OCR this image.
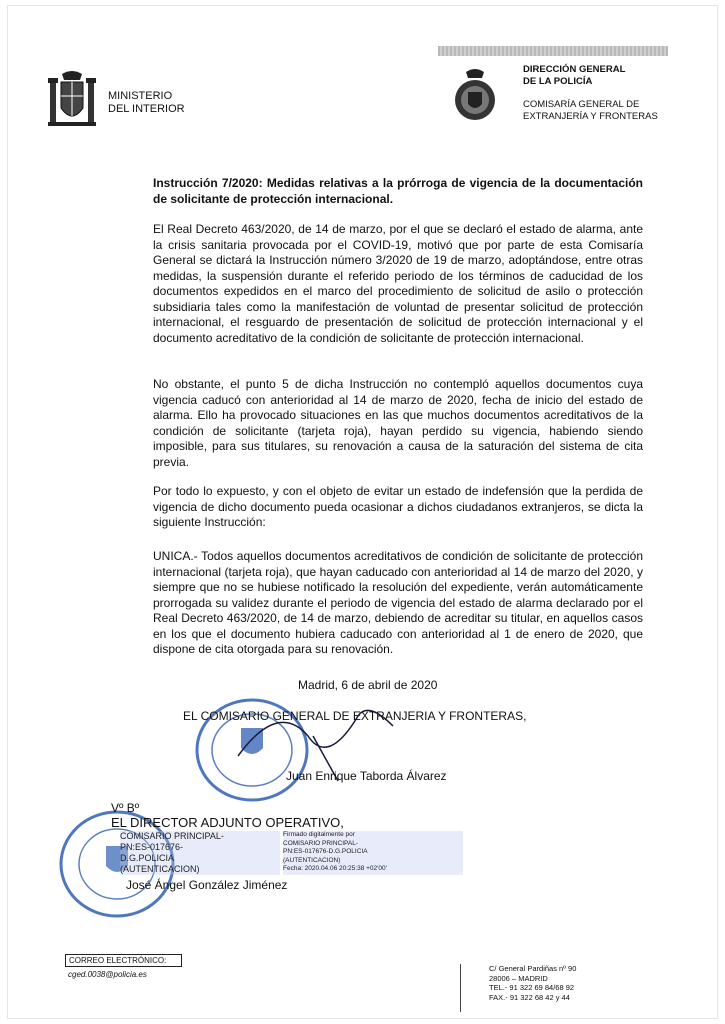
MINISTERIO
DEL INTERIOR
DIRECCIÓN GENERAL
DE LA POLICÍA
COMISARÍA GENERAL DE
EXTRANJERÍA Y FRONTERAS
Instrucción 7/2020: Medidas relativas a la prórroga de vigencia de la documentación de solicitante de protección internacional.
El Real Decreto 463/2020, de 14 de marzo, por el que se declaró el estado de alarma, ante la crisis sanitaria provocada por el COVID-19, motivó que por parte de esta Comisaría General se dictará la Instrucción número 3/2020 de 19 de marzo, adoptándose, entre otras medidas, la suspensión durante el referido periodo de los términos de caducidad de los documentos expedidos en el marco del procedimiento de solicitud de asilo o protección subsidiaria tales como la manifestación de voluntad de presentar solicitud de protección internacional, el resguardo de presentación de solicitud de protección internacional y el documento acreditativo de la condición de solicitante de protección internacional.
No obstante, el punto 5 de dicha Instrucción no contempló aquellos documentos cuya vigencia caducó con anterioridad al 14 de marzo de 2020, fecha de inicio del estado de alarma. Ello ha provocado situaciones en las que muchos documentos acreditativos de la condición de solicitante (tarjeta roja), hayan perdido su vigencia, habiendo siendo imposible, para sus titulares, su renovación a causa de la saturación del sistema de cita previa.
Por todo lo expuesto, y con el objeto de evitar un estado de indefensión que la perdida de vigencia de dicho documento pueda ocasionar a dichos ciudadanos extranjeros, se dicta la siguiente Instrucción:
UNICA.- Todos aquellos documentos acreditativos de condición de solicitante de protección internacional (tarjeta roja), que hayan caducado con anterioridad al 14 de marzo del 2020, y siempre que no se hubiese notificado la resolución del expediente, verán automáticamente prorrogada su validez durante el periodo de vigencia del estado de alarma declarado por el Real Decreto 463/2020, de 14 de marzo, debiendo de acreditar su titular, en aquellos casos en los que el documento hubiera caducado con anterioridad al 1 de enero de 2020, que dispone de cita otorgada para su renovación.
Madrid, 6 de abril de 2020
EL COMISARIO GENERAL DE EXTRANJERIA Y FRONTERAS,
Juan Enrique Taborda Álvarez
Vº Bº
EL DIRECTOR ADJUNTO OPERATIVO,
COMISARIO PRINCIPAL-
PN:ES-017676-
D.G.POLICIA
(AUTENTICACION)
Firmado digitalmente por
COMISARIO PRINCIPAL-
PN:ES-017676-D.G.POLICIA
(AUTENTICACION)
Fecha: 2020.04.06 20:25:38 +02'00'
José Ángel González Jiménez
CORREO ELECTRÓNICO:
cged.0038@policia.es
C/ General Pardiñas nº 90
28006 – MADRID
TEL.- 91 322 69 84/68 92
FAX.- 91 322 68 42 y 44
